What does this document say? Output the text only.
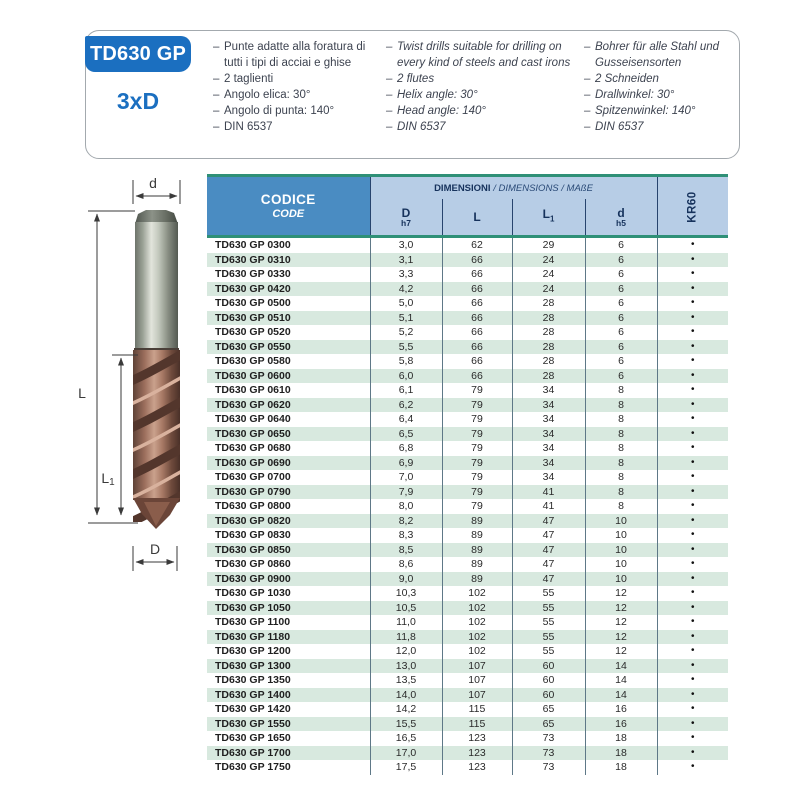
TD630 GP
3xD
– Punte adatte alla foratura di tutti i tipi di acciai e ghise
– 2 taglienti
– Angolo elica: 30°
– Angolo di punta: 140°
– DIN 6537
– Twist drills suitable for drilling on every kind of steels and cast irons
– 2 flutes
– Helix angle: 30°
– Head angle: 140°
– DIN 6537
– Bohrer für alle Stahl und Gusseisensorten
– 2 Schneiden
– Drallwinkel: 30°
– Spitzenwinkel: 140°
– DIN 6537
d
L
L1
D
CODICE
CODE	DIMENSIONI / DIMENSIONS / MAßE				KR60

	D
h7	L	$L_1$	d
h5	

TD630 GP 0300	3,0	62	29	6	•
TD630 GP 0310	3,1	66	24	6	•
TD630 GP 0330	3,3	66	24	6	•
TD630 GP 0420	4,2	66	24	6	•
TD630 GP 0500	5,0	66	28	6	•
TD630 GP 0510	5,1	66	28	6	•
TD630 GP 0520	5,2	66	28	6	•
TD630 GP 0550	5,5	66	28	6	•
TD630 GP 0580	5,8	66	28	6	•
TD630 GP 0600	6,0	66	28	6	•
TD630 GP 0610	6,1	79	34	8	•
TD630 GP 0620	6,2	79	34	8	•
TD630 GP 0640	6,4	79	34	8	•
TD630 GP 0650	6,5	79	34	8	•
TD630 GP 0680	6,8	79	34	8	•
TD630 GP 0690	6,9	79	34	8	•
TD630 GP 0700	7,0	79	34	8	•
TD630 GP 0790	7,9	79	41	8	•
TD630 GP 0800	8,0	79	41	8	•
TD630 GP 0820	8,2	89	47	10	•
TD630 GP 0830	8,3	89	47	10	•
TD630 GP 0850	8,5	89	47	10	•
TD630 GP 0860	8,6	89	47	10	•
TD630 GP 0900	9,0	89	47	10	•
TD630 GP 1030	10,3	102	55	12	•
TD630 GP 1050	10,5	102	55	12	•
TD630 GP 1100	11,0	102	55	12	•
TD630 GP 1180	11,8	102	55	12	•
TD630 GP 1200	12,0	102	55	12	•
TD630 GP 1300	13,0	107	60	14	•
TD630 GP 1350	13,5	107	60	14	•
TD630 GP 1400	14,0	107	60	14	•
TD630 GP 1420	14,2	115	65	16	•
TD630 GP 1550	15,5	115	65	16	•
TD630 GP 1650	16,5	123	73	18	•
TD630 GP 1700	17,0	123	73	18	•
TD630 GP 1750	17,5	123	73	18	•
